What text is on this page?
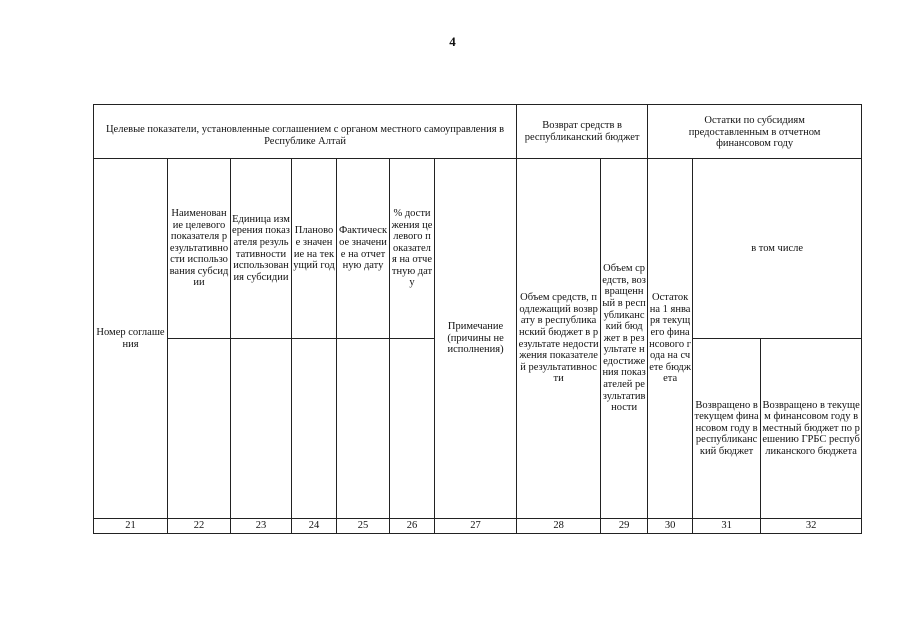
4
Целевые показатели, установленные соглашением с органом местного самоуправления в Республике Алтай							Возврат средств в республиканский бюджет		Остатки по субсидиям предоставленным в отчетном финансовом году		
Номер соглашения	Наименование целевого показателя результативности использования субсидии	Единица измерения показателя результативности использования субсидии	Плановое значение на текущий год	Фактическое значение на отчетную дату	% достижения целевого показателя на отчетную дату	Примечание (причины не исполнения)	Объем средств, подлежащий возврату в республиканский бюджет в результате недостижения показателей результативности	Объем средств, возвращенный в республиканский бюджет в результате недостижения показателей результативности	Остаток на 1 января текущего финансового года на счете бюджета	в том числе	
										Возвращено в текущем финансовом году в республиканский бюджет	Возвращено в текущем финансовом году в местный бюджет по решению ГРБС республиканского бюджета
21	22	23	24	25	26	27	28	29	30	31	32
